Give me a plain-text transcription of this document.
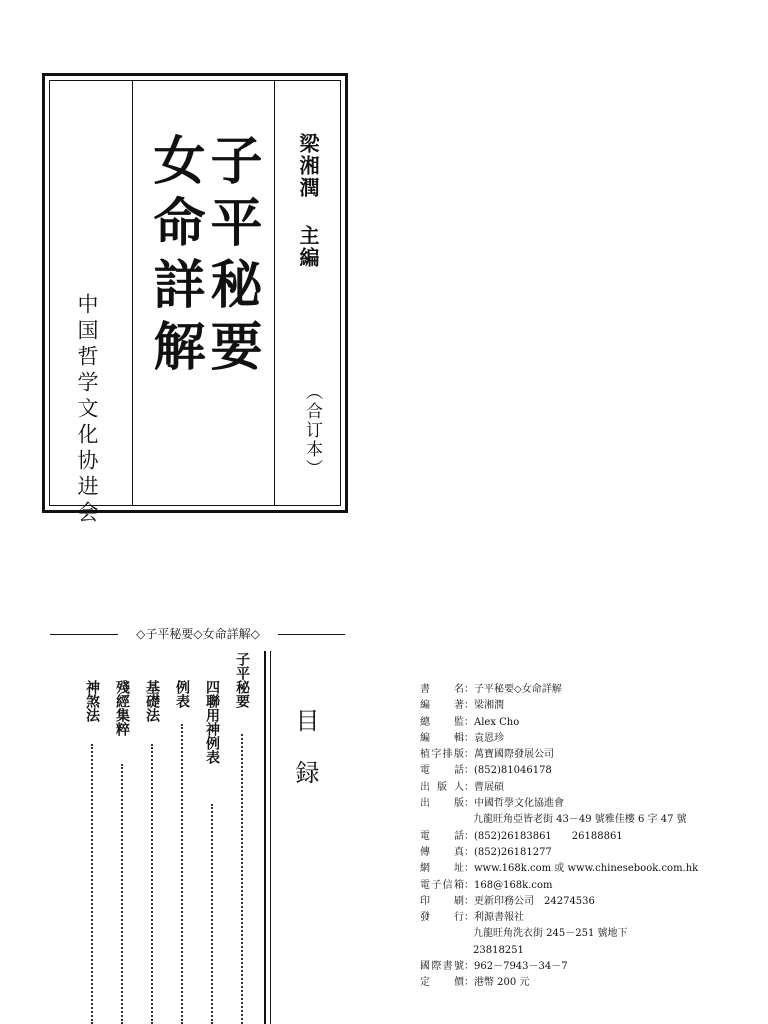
中国哲学文化协进会
女命詳解
子平秘要 梁湘潤
主編
︵合订本︶
◇子平秘要◇女命詳解◇
目 録
子平秘要
四聯用神例表
例表
基礎法
殘經集粹
神煞法	書　　名：子平秘要◇女命詳解
編　　著：梁湘潤
總　　監：Alex Cho
編　　輯：袁恩珍
植字排版：萬寶國際發展公司
電　　話：(852)81046178
出 版 人：曹展碩
出　　版：中國哲學文化協進會
九龍旺角亞皆老街 43－49 號雅佳樓 6 字 47 號
電　　話：(852)26183861　　26188861
傳　　真：(852)26181277
網　　址：www.168k.com 或 www.chinesebook.com.hk
電子信箱：168@168k.com
印　　刷：更新印務公司　24274536
發　　行：利源書報社
九龍旺角洗衣街 245－251 號地下
23818251
國際書號：962－7943－34－7
定　　價：港幣 200 元
